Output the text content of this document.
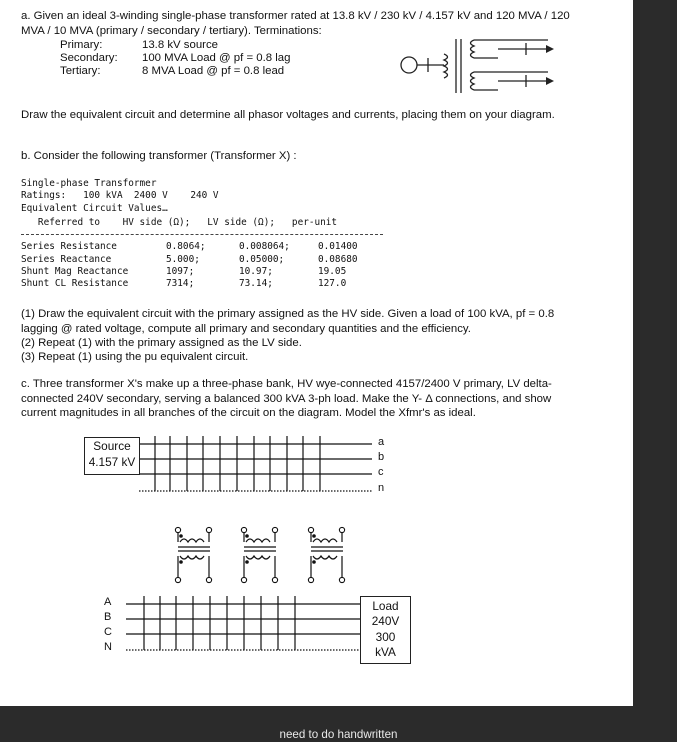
a. Given an ideal 3-winding single-phase transformer rated at 13.8 kV / 230 kV / 4.157 kV and 120 MVA / 120 MVA / 10 MVA (primary / secondary / tertiary). Terminations:

Primary:	13.8 kV source
Secondary: 100 MVA Load @ pf = 0.8 lag
Tertiary:	8 MVA Load @ pf = 0.8 lead

Draw the equivalent circuit and determine all phasor voltages and currents, placing them on your diagram.

b. Consider the following transformer (Transformer X) :

Single-phase Transformer
Ratings:   100 kVA  2400 V    240 V
Equivalent Circuit Values…
Referred to    HV side (Ω);   LV side (Ω);   per-unit
Series Resistance	0.8064;	0.008064;	0.01400
Series Reactance	5.000;	0.05000;	0.08680
Shunt Mag Reactance	1097;	10.97;	19.05
Shunt CL Resistance	7314;	73.14;	127.0

(1) Draw the equivalent circuit with the primary assigned as the HV side. Given a load of 100 kVA, pf = 0.8 lagging @ rated voltage, compute all primary and secondary quantities and the efficiency.

(2) Repeat (1) with the primary assigned as the LV side.

(3) Repeat (1) using the pu equivalent circuit.

c. Three transformer X's make up a three-phase bank, HV wye-connected 4157/2400 V primary, LV delta-connected 240V secondary, serving a balanced 300 kVA 3-ph load. Make the Y- Δ connections, and show current magnitudes in all branches of the circuit on the diagram. Model the Xfmr's as ideal.

Source
4.157 kV
a
b
c
n
A
B
C
N
Load
240V
300
kVA
need to do handwritten
